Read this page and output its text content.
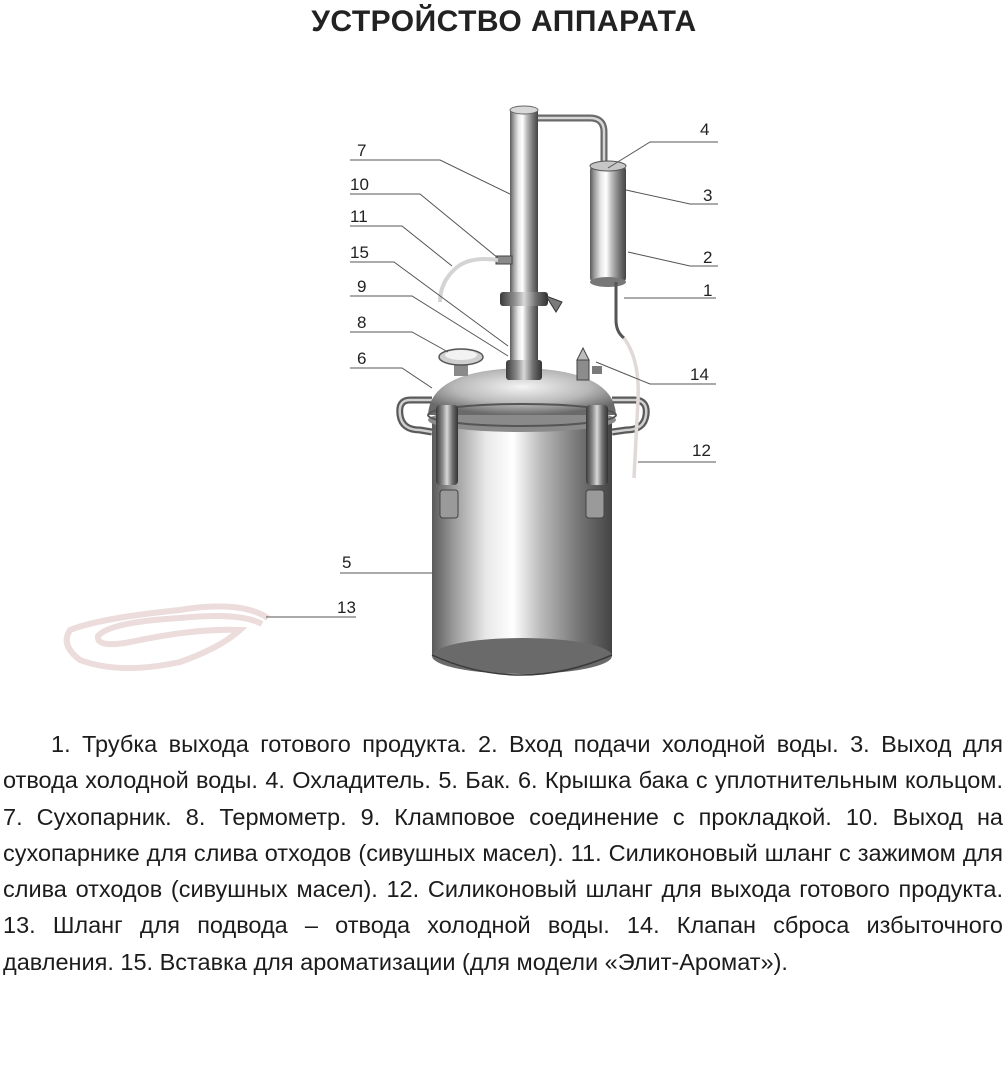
УСТРОЙСТВО АППАРАТА
1
2
3
4
5
6
7
8
9
10
11
12
13
14
15

1. Трубка выхода готового продукта. 2. Вход подачи холодной воды. 3. Выход для отвода холодной воды. 4. Охладитель. 5. Бак. 6. Крышка бака с уплотнительным кольцом. 7. Сухопарник. 8. Термометр. 9. Кламповое соединение с прокладкой. 10. Выход на сухопарнике для слива отходов (сивушных масел). 11. Силиконовый шланг с зажимом для слива отходов (сивушных масел). 12. Силиконовый шланг для выхода готового продукта. 13. Шланг для подвода – отвода холодной воды. 14. Клапан сброса избыточного давления. 15. Вставка для ароматизации (для модели «Элит-Аромат»).
